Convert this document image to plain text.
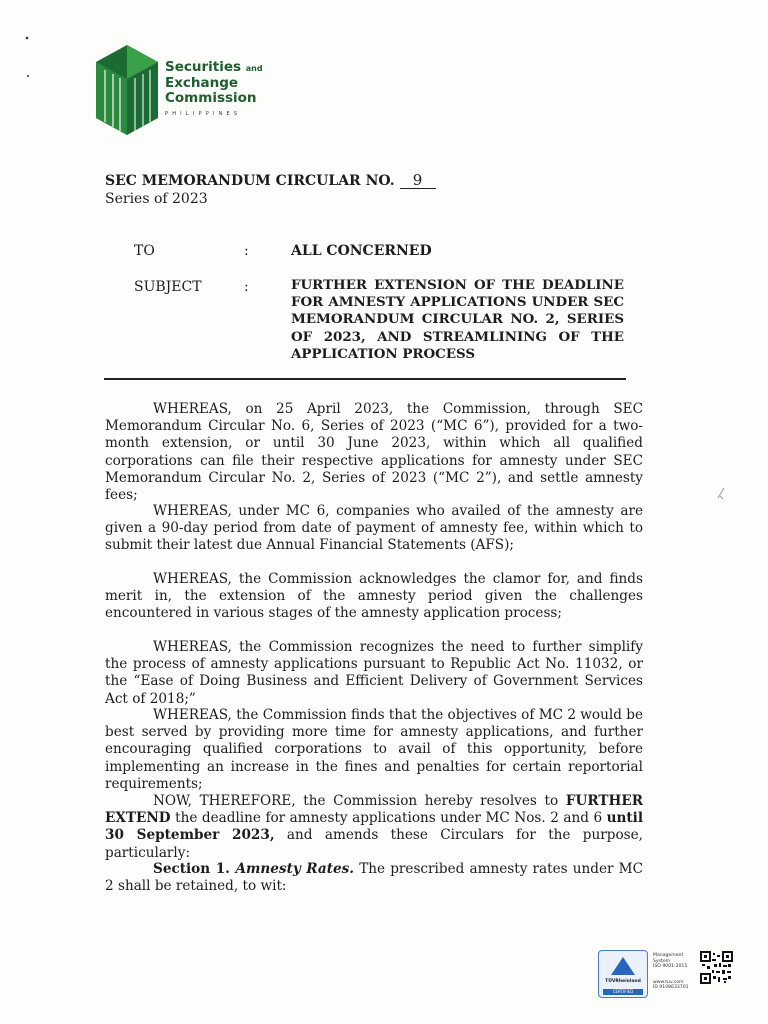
Securities and
Exchange
Commission
PHILIPPINES
SEC MEMORANDUM CIRCULAR NO. 9
Series of 2023
TO	:	ALL CONCERNED
SUBJECT	:	FURTHER EXTENSION OF THE DEADLINE FOR AMNESTY APPLICATIONS UNDER SEC MEMORANDUM CIRCULAR NO. 2, SERIES OF 2023, AND STREAMLINING OF THE APPLICATION PROCESS
WHEREAS, on 25 April 2023, the Commission, through SEC Memorandum Circular No. 6, Series of 2023 (“MC 6”), provided for a two-month extension, or until 30 June 2023, within which all qualified corporations can file their respective applications for amnesty under SEC Memorandum Circular No. 2, Series of 2023 (“MC 2”), and settle amnesty fees;
WHEREAS, under MC 6, companies who availed of the amnesty are given a 90-day period from date of payment of amnesty fee, within which to submit their latest due Annual Financial Statements (AFS);
WHEREAS, the Commission acknowledges the clamor for, and finds merit in, the extension of the amnesty period given the challenges encountered in various stages of the amnesty application process;
WHEREAS, the Commission recognizes the need to further simplify the process of amnesty applications pursuant to Republic Act No. 11032, or the “Ease of Doing Business and Efficient Delivery of Government Services Act of 2018;”
WHEREAS, the Commission finds that the objectives of MC 2 would be best served by providing more time for amnesty applications, and further encouraging qualified corporations to avail of this opportunity, before implementing an increase in the fines and penalties for certain reportorial requirements;
NOW, THEREFORE, the Commission hereby resolves to FURTHER EXTEND the deadline for amnesty applications under MC Nos. 2 and 6 until 30 September 2023, and amends these Circulars for the purpose, particularly:
Section 1. Amnesty Rates. The prescribed amnesty rates under MC 2 shall be retained, to wit:
TÜVRheinland
CERTIFIED
Management
System
ISO 9001:2015
www.tuv.com
ID 9108633701
